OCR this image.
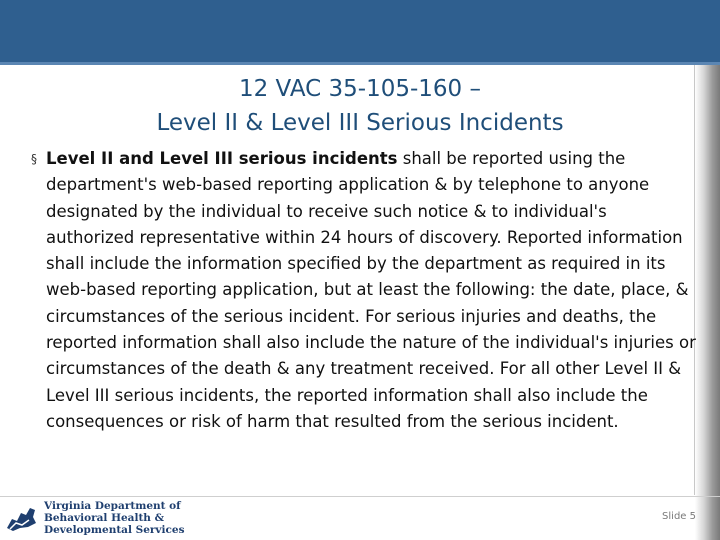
12 VAC 35-105-160 –
Level II & Level III Serious Incidents
§ Level II and Level III serious incidents shall be reported using the department's web-based reporting application & by telephone to anyone designated by the individual to receive such notice & to individual's authorized representative within 24 hours of discovery. Reported information shall include the information specified by the department as required in its web-based reporting application, but at least the following: the date, place, & circumstances of the serious incident. For serious injuries and deaths, the reported information shall also include the nature of the individual's injuries or circumstances of the death & any treatment received. For all other Level II & Level III serious incidents, the reported information shall also include the consequences or risk of harm that resulted from the serious incident.
Virginia Department of
Behavioral Health &
Developmental Services
Slide 5
